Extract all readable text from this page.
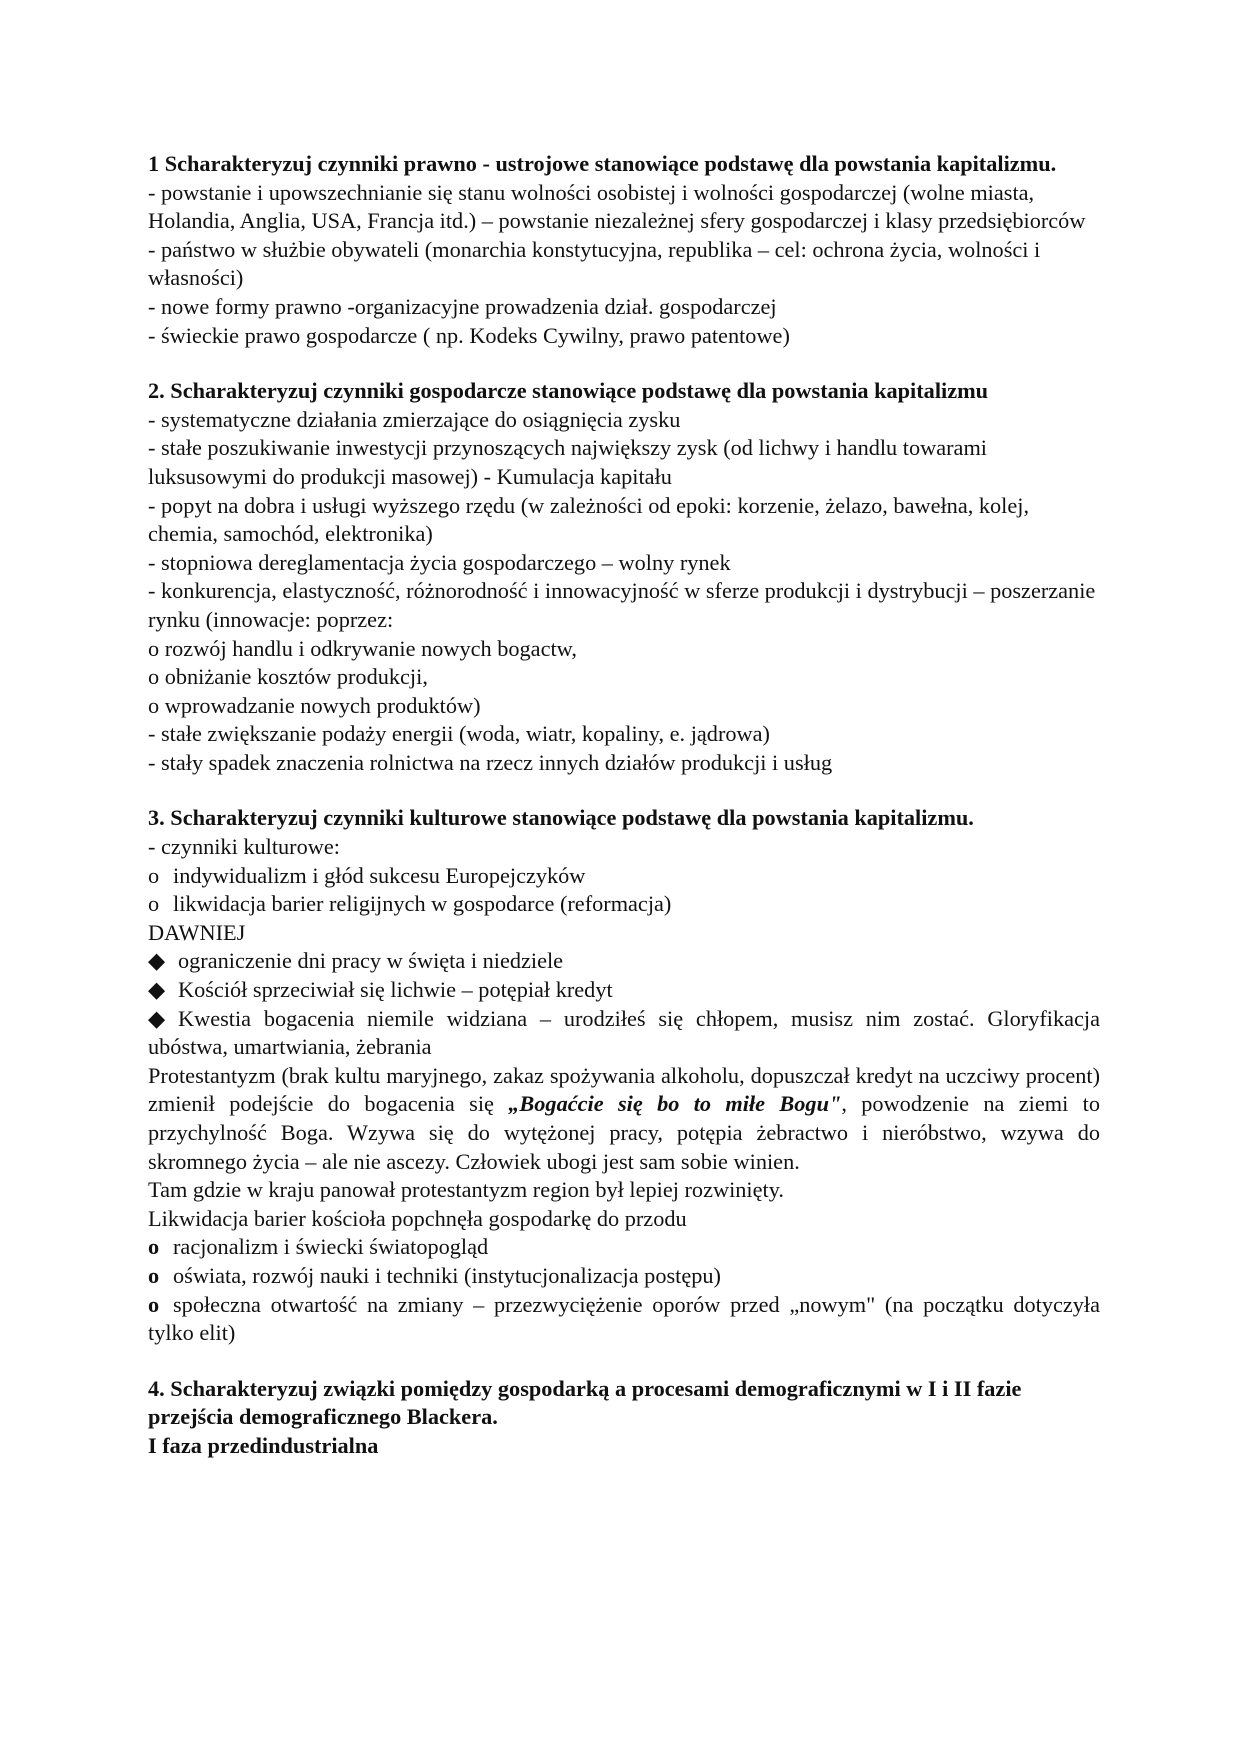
1 Scharakteryzuj czynniki prawno - ustrojowe stanowiące podstawę dla powstania kapitalizmu.

- powstanie i upowszechnianie się stanu wolności osobistej i wolności gospodarczej (wolne miasta, Holandia, Anglia, USA, Francja itd.) – powstanie niezależnej sfery gospodarczej i klasy przedsiębiorców

- państwo w służbie obywateli (monarchia konstytucyjna, republika – cel: ochrona życia, wolności i własności)

- nowe formy prawno -organizacyjne prowadzenia dział. gospodarczej

- świeckie prawo gospodarcze ( np. Kodeks Cywilny, prawo patentowe)

2. Scharakteryzuj czynniki gospodarcze stanowiące podstawę dla powstania kapitalizmu

- systematyczne działania zmierzające do osiągnięcia zysku

- stałe poszukiwanie inwestycji przynoszących największy zysk (od lichwy i handlu towarami luksusowymi do produkcji masowej) - Kumulacja kapitału

- popyt na dobra i usługi wyższego rzędu (w zależności od epoki: korzenie, żelazo, bawełna, kolej, chemia, samochód, elektronika)

- stopniowa dereglamentacja życia gospodarczego – wolny rynek

- konkurencja, elastyczność, różnorodność i innowacyjność w sferze produkcji i dystrybucji – poszerzanie rynku (innowacje: poprzez:

o rozwój handlu i odkrywanie nowych bogactw,

o obniżanie kosztów produkcji,

o wprowadzanie nowych produktów)

- stałe zwiększanie podaży energii (woda, wiatr, kopaliny, e. jądrowa)

- stały spadek znaczenia rolnictwa na rzecz innych działów produkcji i usług

3. Scharakteryzuj czynniki kulturowe stanowiące podstawę dla powstania kapitalizmu.

- czynniki kulturowe:

o indywidualizm i głód sukcesu Europejczyków
o likwidacja barier religijnych w gospodarce (reformacja)

DAWNIEJ

◆ ograniczenie dni pracy w święta i niedziele

◆ Kościół sprzeciwiał się lichwie – potępiał kredyt

◆ Kwestia bogacenia niemile widziana – urodziłeś się chłopem, musisz nim zostać. Gloryfikacja ubóstwa, umartwiania, żebrania

Protestantyzm (brak kultu maryjnego, zakaz spożywania alkoholu, dopuszczał kredyt na uczciwy procent) zmienił podejście do bogacenia się „Bogaćcie się bo to miłe Bogu", powodzenie na ziemi to przychylność Boga. Wzywa się do wytężonej pracy, potępia żebractwo i nieróbstwo, wzywa do skromnego życia – ale nie ascezy. Człowiek ubogi jest sam sobie winien.

Tam gdzie w kraju panował protestantyzm region był lepiej rozwinięty.

Likwidacja barier kościoła popchnęła gospodarkę do przodu

o racjonalizm i świecki światopogląd
o oświata, rozwój nauki i techniki (instytucjonalizacja postępu)

o społeczna otwartość na zmiany – przezwyciężenie oporów przed „nowym" (na początku dotyczyła tylko elit)

4. Scharakteryzuj związki pomiędzy gospodarką a procesami demograficznymi w I i II fazie przejścia demograficznego Blackera.

I faza przedindustrialna
